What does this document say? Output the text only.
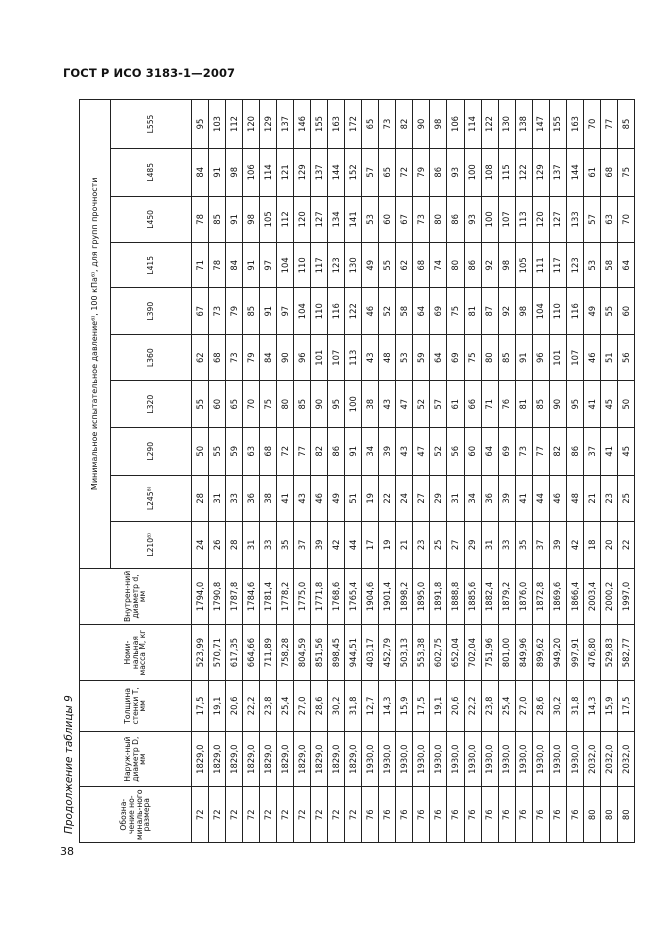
ГОСТ Р ИСО 3183-1—2007
38
Продолжение таблицы 9	Обозна-чение но-миналь-ного размера	Наруж-ный диаметр D, мм	Толщина стенки Т, мм	Номи-нальная масса М, кг	Внутрен-ний диаметр d, мм	Минимальное испытательное давление⁶⁾, 100 кПа⁶⁾, для групп прочности									
					L210⁸⁾	L245⁸⁾	L290	L320	L360	L390	L415	L450	L485	L555
72	1829,0	17,5	523,99	1794,0	24	28	50	55	62	67	71	78	84	95
72	1829,0	19,1	570,71	1790,8	26	31	55	60	68	73	78	85	91	103
72	1829,0	20,6	617,35	1787,8	28	33	59	65	73	79	84	91	98	112
72	1829,0	22,2	664,66	1784,6	31	36	63	70	79	85	91	98	106	120
72	1829,0	23,8	711,89	1781,4	33	38	68	75	84	91	97	105	114	129
72	1829,0	25,4	758,28	1778,2	35	41	72	80	90	97	104	112	121	137
72	1829,0	27,0	804,59	1775,0	37	43	77	85	96	104	110	120	129	146
72	1829,0	28,6	851,56	1771,8	39	46	82	90	101	110	117	127	137	155
72	1829,0	30,2	898,45	1768,6	42	49	86	95	107	116	123	134	144	163
72	1829,0	31,8	944,51	1765,4	44	51	91	100	113	122	130	141	152	172
76	1930,0	12,7	403,17	1904,6	17	19	34	38	43	46	49	53	57	65
76	1930,0	14,3	452,79	1901,4	19	22	39	43	48	52	55	60	65	73
76	1930,0	15,9	503,13	1898,2	21	24	43	47	53	58	62	67	72	82
76	1930,0	17,5	553,38	1895,0	23	27	47	52	59	64	68	73	79	90
76	1930,0	19,1	602,75	1891,8	25	29	52	57	64	69	74	80	86	98
76	1930,0	20,6	652,04	1888,8	27	31	56	61	69	75	80	86	93	106
76	1930,0	22,2	702,04	1885,6	29	34	60	66	75	81	86	93	100	114
76	1930,0	23,8	751,96	1882,4	31	36	64	71	80	87	92	100	108	122
76	1930,0	25,4	801,00	1879,2	33	39	69	76	85	92	98	107	115	130
76	1930,0	27,0	849,96	1876,0	35	41	73	81	91	98	105	113	122	138
76	1930,0	28,6	899,62	1872,8	37	44	77	85	96	104	111	120	129	147
76	1930,0	30,2	949,20	1869,6	39	46	82	90	101	110	117	127	137	155
76	1930,0	31,8	997,91	1866,4	42	48	86	95	107	116	123	133	144	163
80	2032,0	14,3	476,80	2003,4	18	21	37	41	46	49	53	57	61	70
80	2032,0	15,9	529,83	2000,2	20	23	41	45	51	55	58	63	68	77
80	2032,0	17,5	582,77	1997,0	22	25	45	50	56	60	64	70	75	85
